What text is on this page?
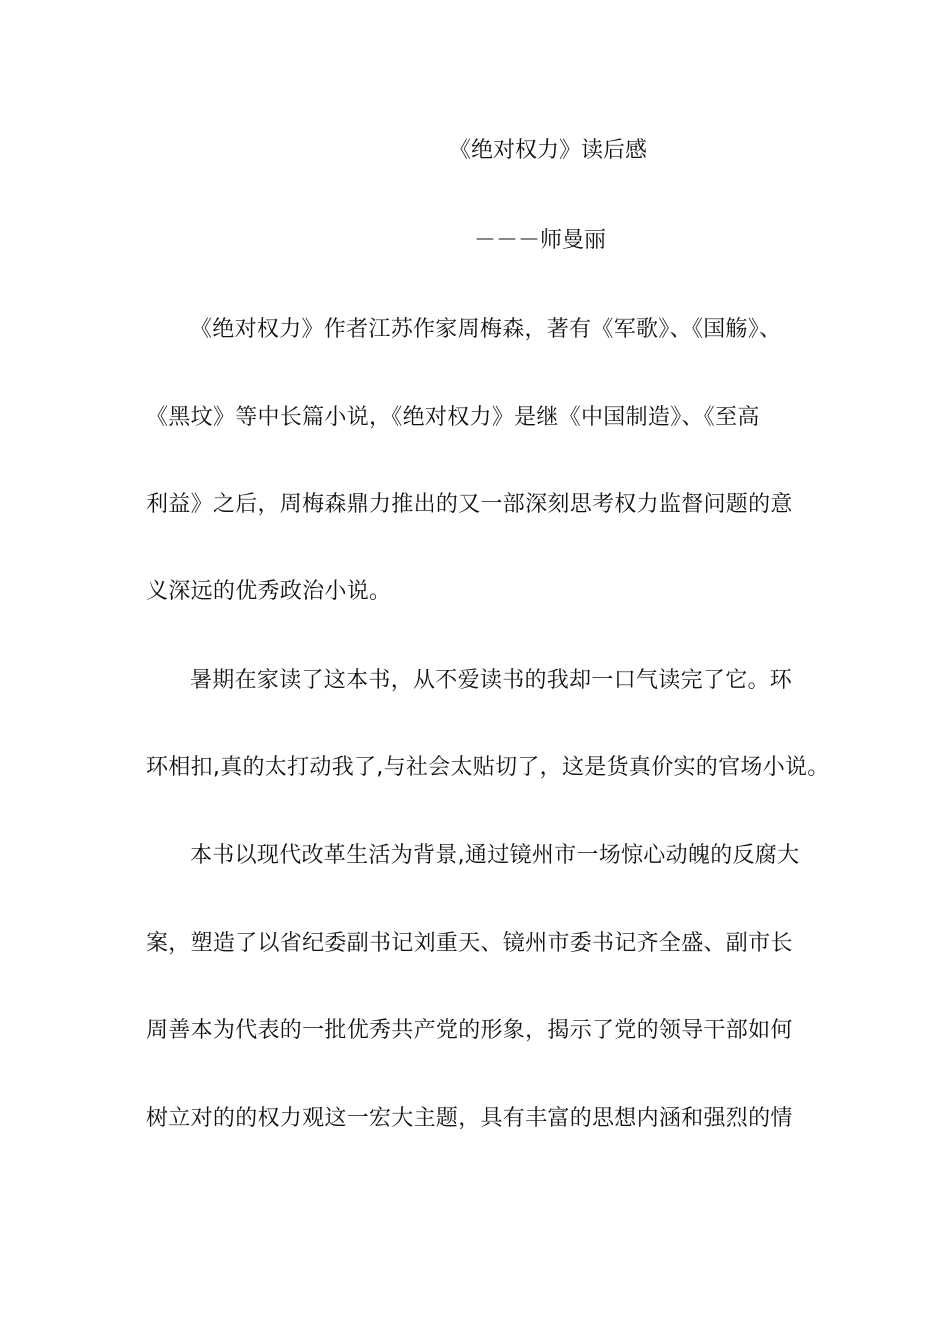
《绝对权力》读后感
－－－师曼丽
《绝对权力》作者江苏作家周梅森，著有《军歌》、《国觞》、
《黑坟》等中长篇小说，《绝对权力》是继《中国制造》、《至高
利益》之后，周梅森鼎力推出的又一部深刻思考权力监督问题的意
义深远的优秀政治小说。
暑期在家读了这本书，从不爱读书的我却一口气读完了它。环
环相扣,真的太打动我了,与社会太贴切了，这是货真价实的官场小说。
本书以现代改革生活为背景,通过镜州市一场惊心动魄的反腐大
案，塑造了以省纪委副书记刘重天、镜州市委书记齐全盛、副市长
周善本为代表的一批优秀共产党的形象，揭示了党的领导干部如何
树立对的的权力观这一宏大主题，具有丰富的思想内涵和强烈的情
